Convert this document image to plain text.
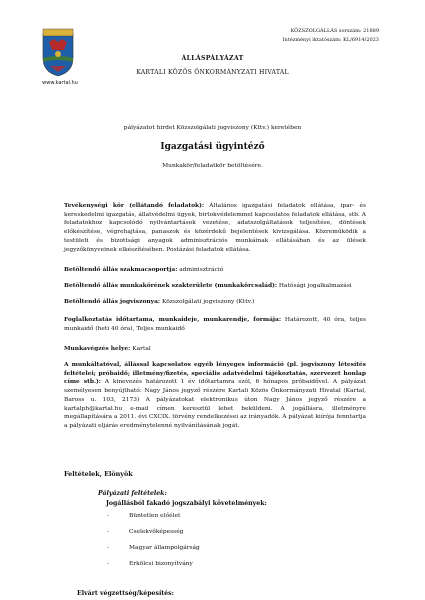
www.kartal.hu
KÖZSZOLGÁLLÁS sorszám: 21889
Intézményi iktatószám: KL/6914/2023
ÁLLÁSPÁLYÁZAT
KARTALI KÖZÖS ÖNKORMÁNYZATI HIVATAL
pályázatot hirdet Közszolgálati jogviszony (Kttv.) keretében
Igazgatási ügyintéző
Munkakör/feladatkör betöltésére.
Tevékenységi kör (ellátandó feladatok): Általános igazgatási feladatok ellátása, ipar- és kereskedelmi igazgatás, állatvédelmi ügyek, birtokvédelemmel kapcsolatos feladatok ellátása, stb. A feladatokhoz kapcsolódó nyilvántartások vezetése, adatszolgáltatások teljesítése, döntések előkészítése, végrehajtása, panaszok és közérdekű bejelentések kivizsgálása. Közreműködik a testületi és bizottsági anyagok adminisztrációs munkáinak ellátásában és az ülések jegyzőkönyveinek elkészítésében. Postázási feladatok ellátása.
Betöltendő állás szakmacsoportja: adminisztráció
Betöltendő állás munkakörének szakterülete (munkakörcsalád): Hatósági jogalkalmazási
Betöltendő állás jogviszonya: Közszolgálati jogviszony (Kttv.)
Foglalkoztatás időtartama, munkaideje, munkarendje, formája: Határozott, 40 óra, teljes munkaidő (heti 40 óra), Teljes munkaidő
Munkavégzés helye: Kartal
A munkáltatóval, állással kapcsolatos egyéb lényeges információ (pl. jogviszony létesítés feltételei; próbaidő; illetmény/fizetés, speciális adatvédelmi tájékoztatás, szervezet honlap címe stb.): A kinevezés határozott 1 év időtartamra szól, 6 hónapos próbaidővel. A pályázat személyesen benyújtható: Nagy János jegyző részére Kartali Közös Önkormányzati Hivatal (Kartal, Baross u. 103, 2173) A pályázatokat elektronikus úton Nagy János jegyző részére a kartalph@kartal.hu e-mail címen keresztül lehet beküldeni. A jogállásra, illetményre megállapítására a 2011. évi CXCIX. törvény rendelkezései az irányadók. A pályázat kiírója fenntartja a pályázati eljárás eredménytelenné nyilvánításának jogát.
Feltételek, Elönyök
Pályázati feltételek:
Jogállásból fakadó jogszabályi követelmények:
-	Büntetlen előélet
-	Cselekvőképesség
-	Magyar állampolgárság
-	Erkölcsi bizonyítvány
Elvárt végzettség/képesítés:
